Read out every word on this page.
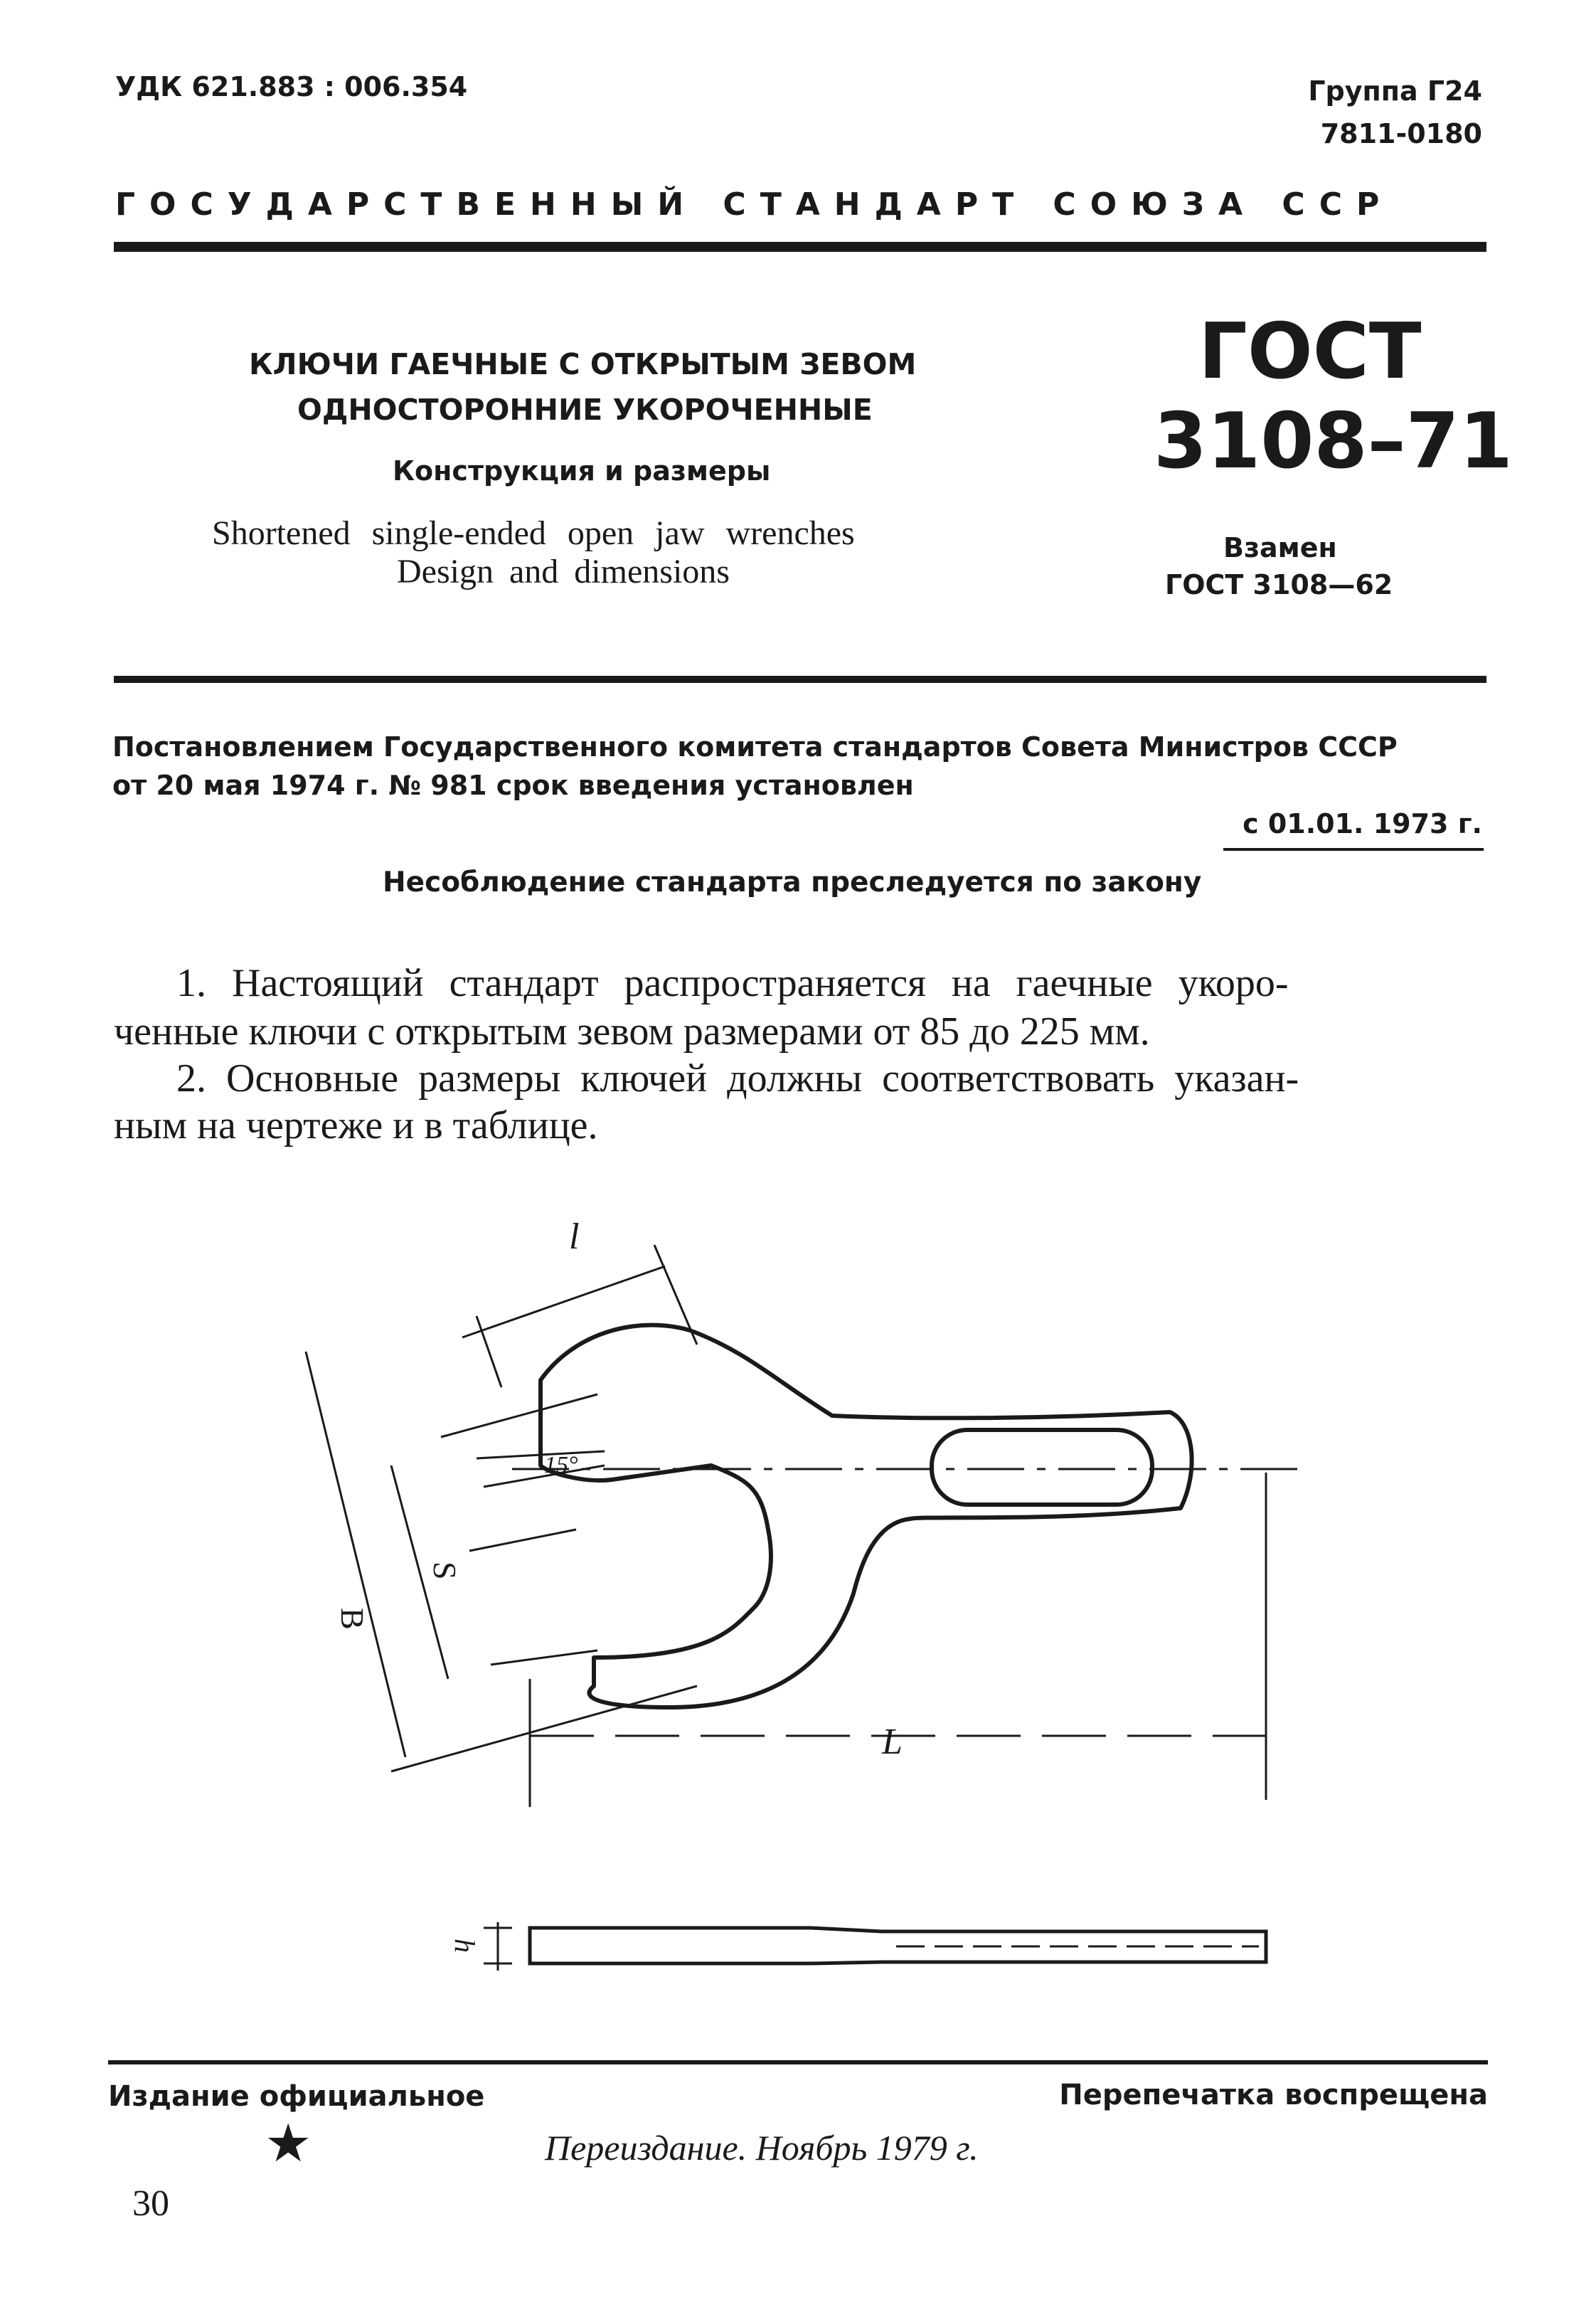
УДК 621.883 : 006.354	Группа Г24
7811-0180
ГОСУДАРСТВЕННЫЙ СТАНДАРТ СОЮЗА ССР
КЛЮЧИ ГАЕЧНЫЕ С ОТКРЫТЫМ ЗЕВОМ
ОДНОСТОРОННИЕ УКОРОЧЕННЫЕ
Конструкция и размеры
Shortened single-ended open jaw wrenches
Design and dimensions
ГОСТ
3108–71
Взамен
ГОСТ 3108—62
Постановлением Государственного комитета стандартов Совета Министров СССР
от 20 мая 1974 г. № 981 срок введения установлен
с 01.01. 1973 г.
Несоблюдение стандарта преследуется по закону
1. Настоящий стандарт распространяется на гаечные укоро-
ченные ключи с открытым зевом размерами от 85 до 225 мм.
2. Основные размеры ключей должны соответствовать указан-
ным на чертеже и в таблице.
l
15°
S
B
L
h
Издание официальное	Перепечатка воспрещена
★	Переиздание. Ноябрь 1979 г.
30
